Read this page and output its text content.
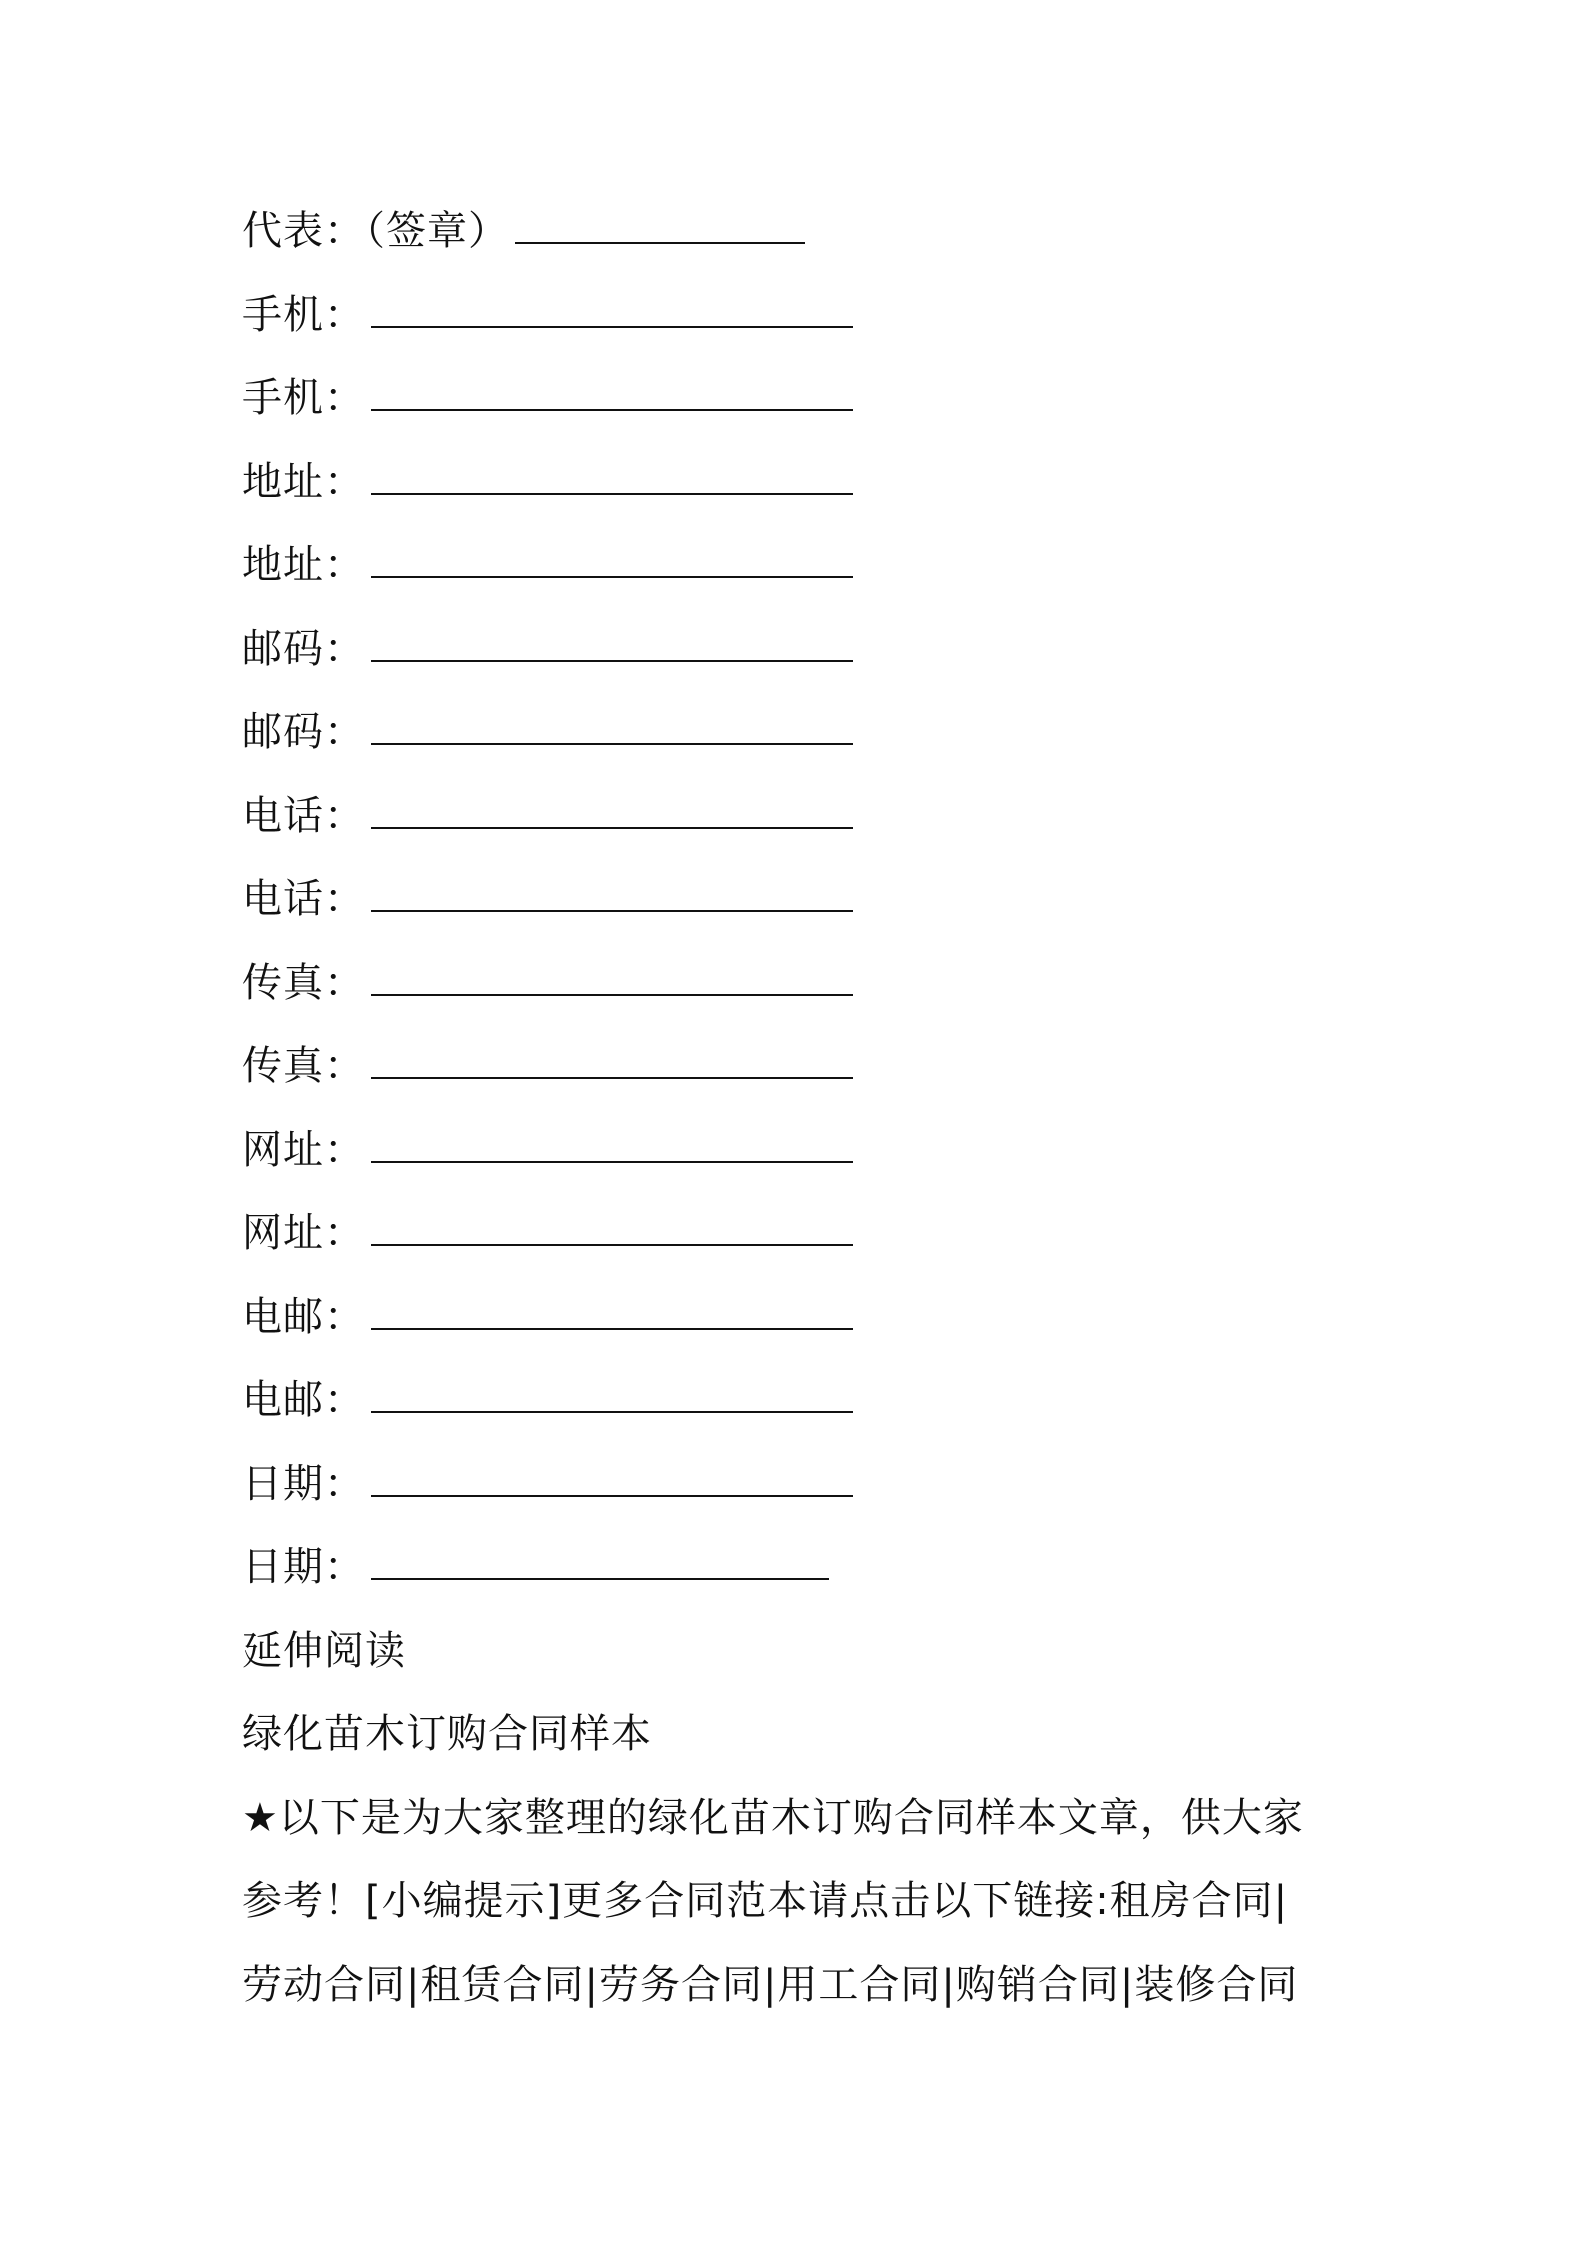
代表：（签章）
手机：
手机：
地址：
地址：
邮码：
邮码：
电话：
电话：
传真：
传真：
网址：
网址：
电邮：
电邮：
日期：
日期：
延伸阅读
绿化苗木订购合同样本
★以下是为大家整理的绿化苗木订购合同样本文章，供大家
参考！[小编提示]更多合同范本请点击以下链接:租房合同|
劳动合同|租赁合同|劳务合同|用工合同|购销合同|装修合同
